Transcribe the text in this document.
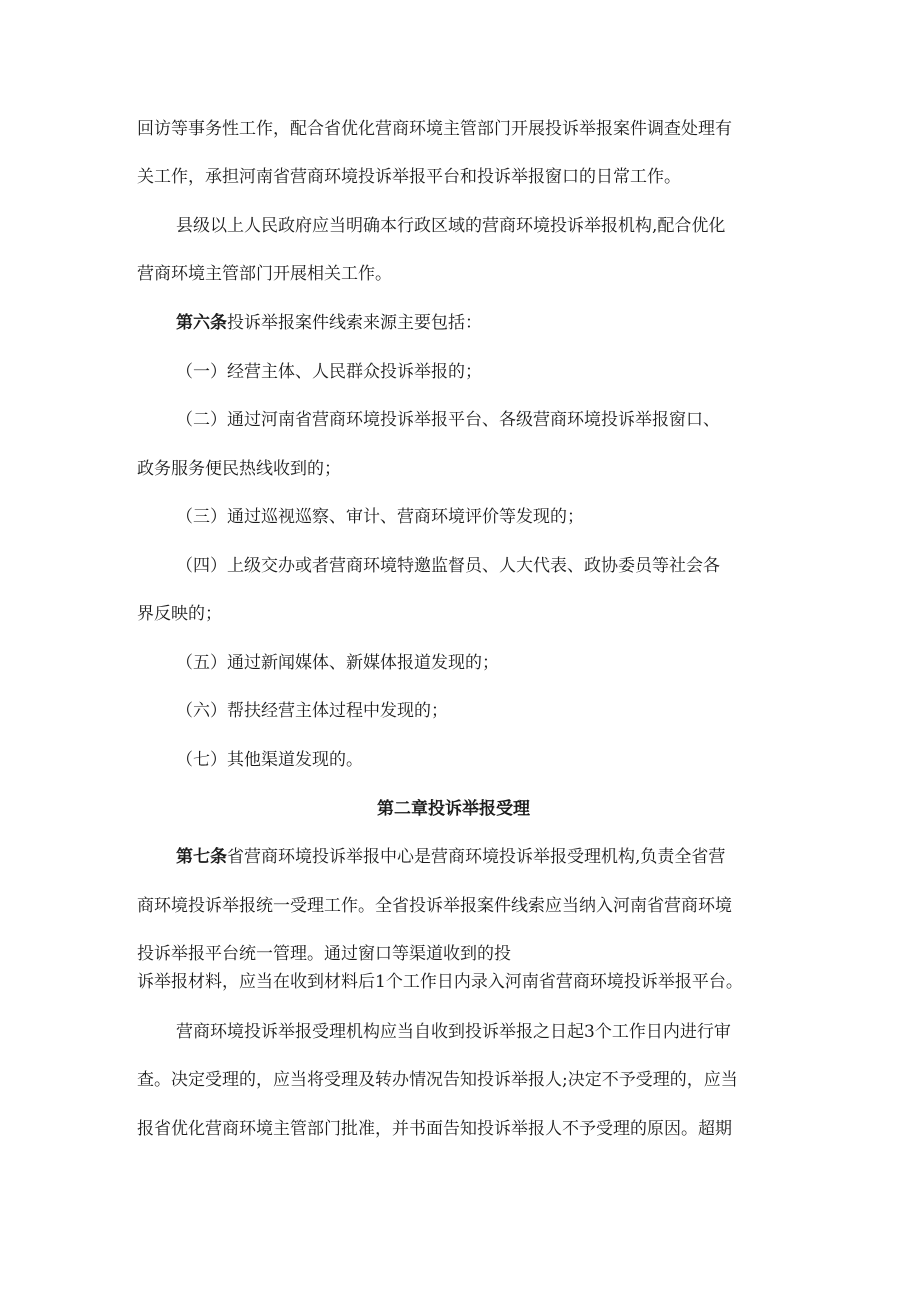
回访等事务性工作，配合省优化营商环境主管部门开展投诉举报案件调查处理有
关工作，承担河南省营商环境投诉举报平台和投诉举报窗口的日常工作。
县级以上人民政府应当明确本行政区域的营商环境投诉举报机构,配合优化
营商环境主管部门开展相关工作。
第六条投诉举报案件线索来源主要包括：
（一）经营主体、人民群众投诉举报的；
（二）通过河南省营商环境投诉举报平台、各级营商环境投诉举报窗口、
政务服务便民热线收到的；
（三）通过巡视巡察、审计、营商环境评价等发现的；
（四）上级交办或者营商环境特邀监督员、人大代表、政协委员等社会各
界反映的；
（五）通过新闻媒体、新媒体报道发现的；
（六）帮扶经营主体过程中发现的；
（七）其他渠道发现的。
第二章投诉举报受理
第七条省营商环境投诉举报中心是营商环境投诉举报受理机构,负责全省营
商环境投诉举报统一受理工作。全省投诉举报案件线索应当纳入河南省营商环境
投诉举报平台统一管理。通过窗口等渠道收到的投
诉举报材料，应当在收到材料后1个工作日内录入河南省营商环境投诉举报平台。
营商环境投诉举报受理机构应当自收到投诉举报之日起3个工作日内进行审
查。决定受理的，应当将受理及转办情况告知投诉举报人;决定不予受理的，应当
报省优化营商环境主管部门批准，并书面告知投诉举报人不予受理的原因。超期
